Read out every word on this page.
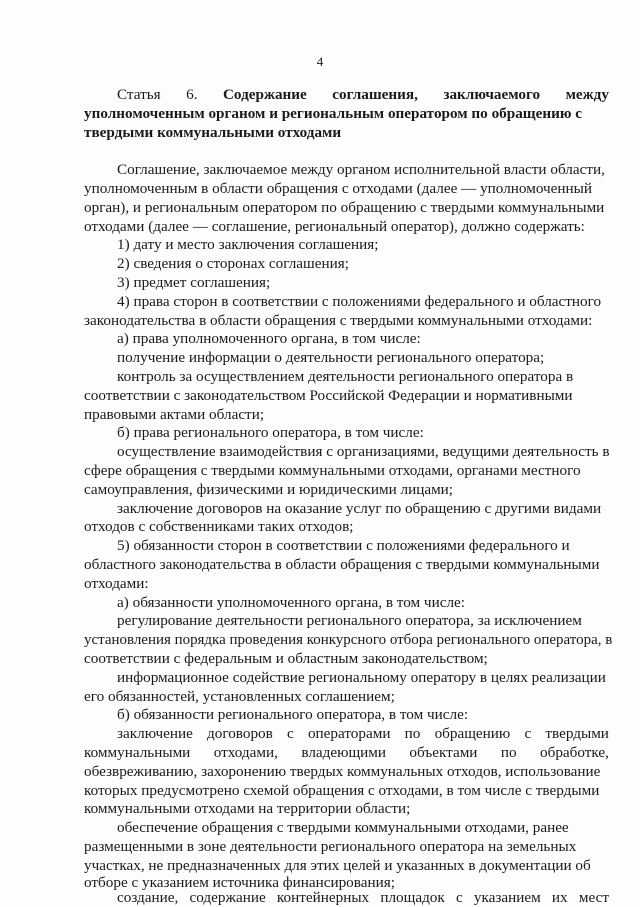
4
Статья 6. Содержание соглашения, заключаемого между
уполномоченным органом и региональным оператором по обращению с
твердыми коммунальными отходами
Соглашение, заключаемое между органом исполнительной власти области,
уполномоченным в области обращения с отходами (далее — уполномоченный
орган), и региональным оператором по обращению с твердыми коммунальными
отходами (далее — соглашение, региональный оператор), должно содержать:
1) дату и место заключения соглашения;
2) сведения о сторонах соглашения;
3) предмет соглашения;
4) права сторон в соответствии с положениями федерального и областного
законодательства в области обращения с твердыми коммунальными отходами:
а) права уполномоченного органа, в том числе:
получение информации о деятельности регионального оператора;
контроль за осуществлением деятельности регионального оператора в
соответствии с законодательством Российской Федерации и нормативными
правовыми актами области;
б) права регионального оператора, в том числе:
осуществление взаимодействия с организациями, ведущими деятельность в
сфере обращения с твердыми коммунальными отходами, органами местного
самоуправления, физическими и юридическими лицами;
заключение договоров на оказание услуг по обращению с другими видами
отходов с собственниками таких отходов;
5) обязанности сторон в соответствии с положениями федерального и
областного законодательства в области обращения с твердыми коммунальными
отходами:
а) обязанности уполномоченного органа, в том числе:
регулирование деятельности регионального оператора, за исключением
установления порядка проведения конкурсного отбора регионального оператора, в
соответствии с федеральным и областным законодательством;
информационное содействие региональному оператору в целях реализации
его обязанностей, установленных соглашением;
б) обязанности регионального оператора, в том числе:
заключение договоров с операторами по обращению с твердыми
коммунальными отходами, владеющими объектами по обработке,
обезвреживанию, захоронению твердых коммунальных отходов, использование
которых предусмотрено схемой обращения с отходами, в том числе с твердыми
коммунальными отходами на территории области;
обеспечение обращения с твердыми коммунальными отходами, ранее
размещенными в зоне деятельности регионального оператора на земельных
участках, не предназначенных для этих целей и указанных в документации об
отборе с указанием источника финансирования;
создание, содержание контейнерных площадок с указанием их мест
